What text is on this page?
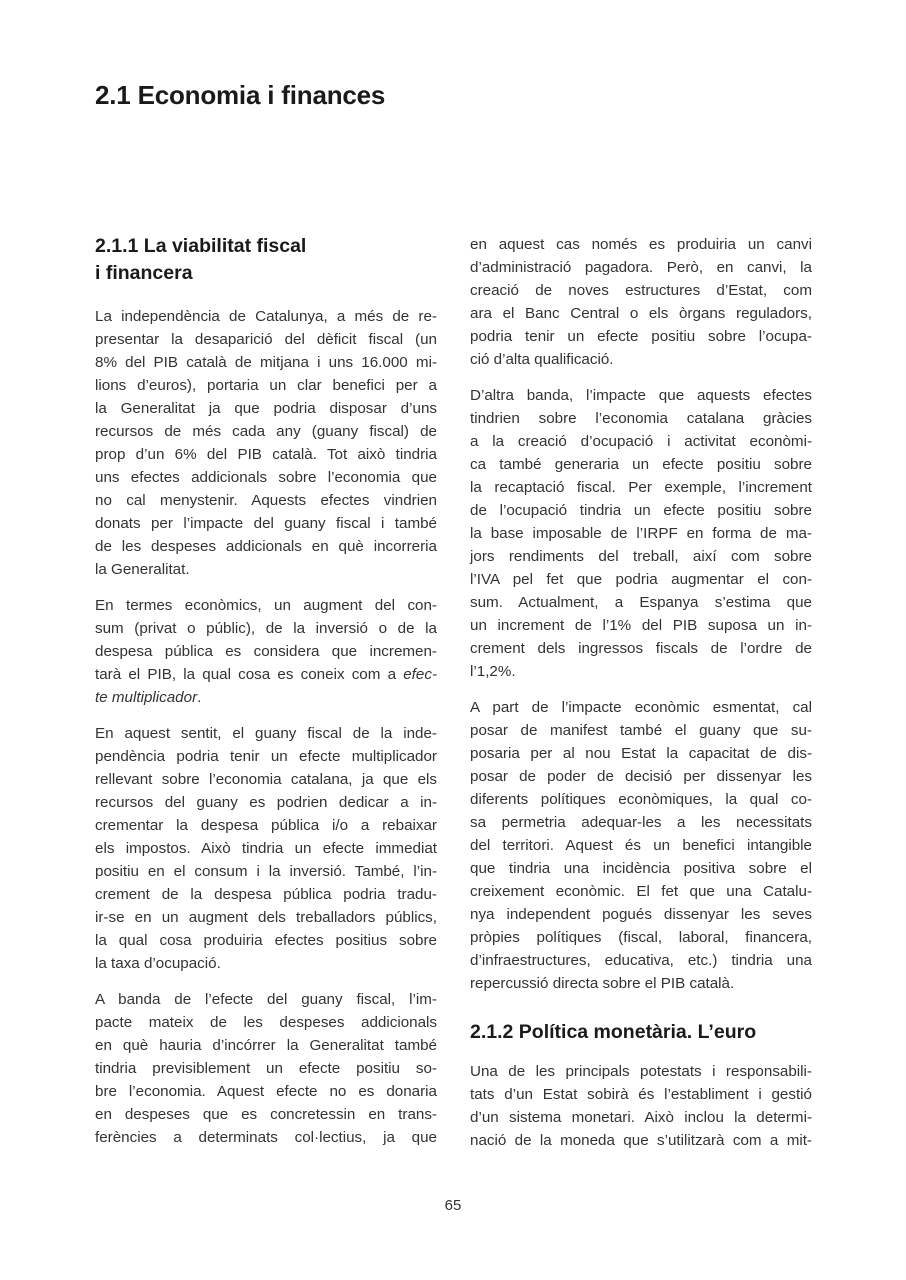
2.1 Economia i finances
2.1.1 La viabilitat fiscal
i financera
La independència de Catalunya, a més de re-
presentar la desaparició del dèficit fiscal (un
8% del PIB català de mitjana i uns 16.000 mi-
lions d’euros), portaria un clar benefici per a
la Generalitat ja que podria disposar d’uns
recursos de més cada any (guany fiscal) de
prop d’un 6% del PIB català. Tot això tindria
uns efectes addicionals sobre l’economia que
no cal menystenir. Aquests efectes vindrien
donats per l’impacte del guany fiscal i també
de les despeses addicionals en què incorreria
la Generalitat.
En termes econòmics, un augment del con-
sum (privat o públic), de la inversió o de la
despesa pública es considera que incremen-
tarà el PIB, la qual cosa es coneix com a efec-
te multiplicador.
En aquest sentit, el guany fiscal de la inde-
pendència podria tenir un efecte multiplicador
rellevant sobre l’economia catalana, ja que els
recursos del guany es podrien dedicar a in-
crementar la despesa pública i/o a rebaixar
els impostos. Això tindria un efecte immediat
positiu en el consum i la inversió. També, l’in-
crement de la despesa pública podria tradu-
ir-se en un augment dels treballadors públics,
la qual cosa produiria efectes positius sobre
la taxa d’ocupació.
A banda de l’efecte del guany fiscal, l’im-
pacte mateix de les despeses addicionals
en què hauria d’incórrer la Generalitat també
tindria previsiblement un efecte positiu so-
bre l’economia. Aquest efecte no es donaria
en despeses que es concretessin en trans-
ferències a determinats col·lectius, ja que
en aquest cas només es produiria un canvi
d’administració pagadora. Però, en canvi, la
creació de noves estructures d’Estat, com
ara el Banc Central o els òrgans reguladors,
podria tenir un efecte positiu sobre l’ocupa-
ció d’alta qualificació.
D’altra banda, l’impacte que aquests efectes
tindrien sobre l’economia catalana gràcies
a la creació d’ocupació i activitat econòmi-
ca també generaria un efecte positiu sobre
la recaptació fiscal. Per exemple, l’increment
de l’ocupació tindria un efecte positiu sobre
la base imposable de l’IRPF en forma de ma-
jors rendiments del treball, així com sobre
l’IVA pel fet que podria augmentar el con-
sum. Actualment, a Espanya s’estima que
un increment de l’1% del PIB suposa un in-
crement dels ingressos fiscals de l’ordre de
l’1,2%.
A part de l’impacte econòmic esmentat, cal
posar de manifest també el guany que su-
posaria per al nou Estat la capacitat de dis-
posar de poder de decisió per dissenyar les
diferents polítiques econòmiques, la qual co-
sa permetria adequar-les a les necessitats
del territori. Aquest és un benefici intangible
que tindria una incidència positiva sobre el
creixement econòmic. El fet que una Catalu-
nya independent pogués dissenyar les seves
pròpies polítiques (fiscal, laboral, financera,
d’infraestructures, educativa, etc.) tindria una
repercussió directa sobre el PIB català.
2.1.2 Política monetària. L’euro
Una de les principals potestats i responsabili-
tats d’un Estat sobirà és l’establiment i gestió
d’un sistema monetari. Això inclou la determi-
nació de la moneda que s’utilitzarà com a mit-
65
